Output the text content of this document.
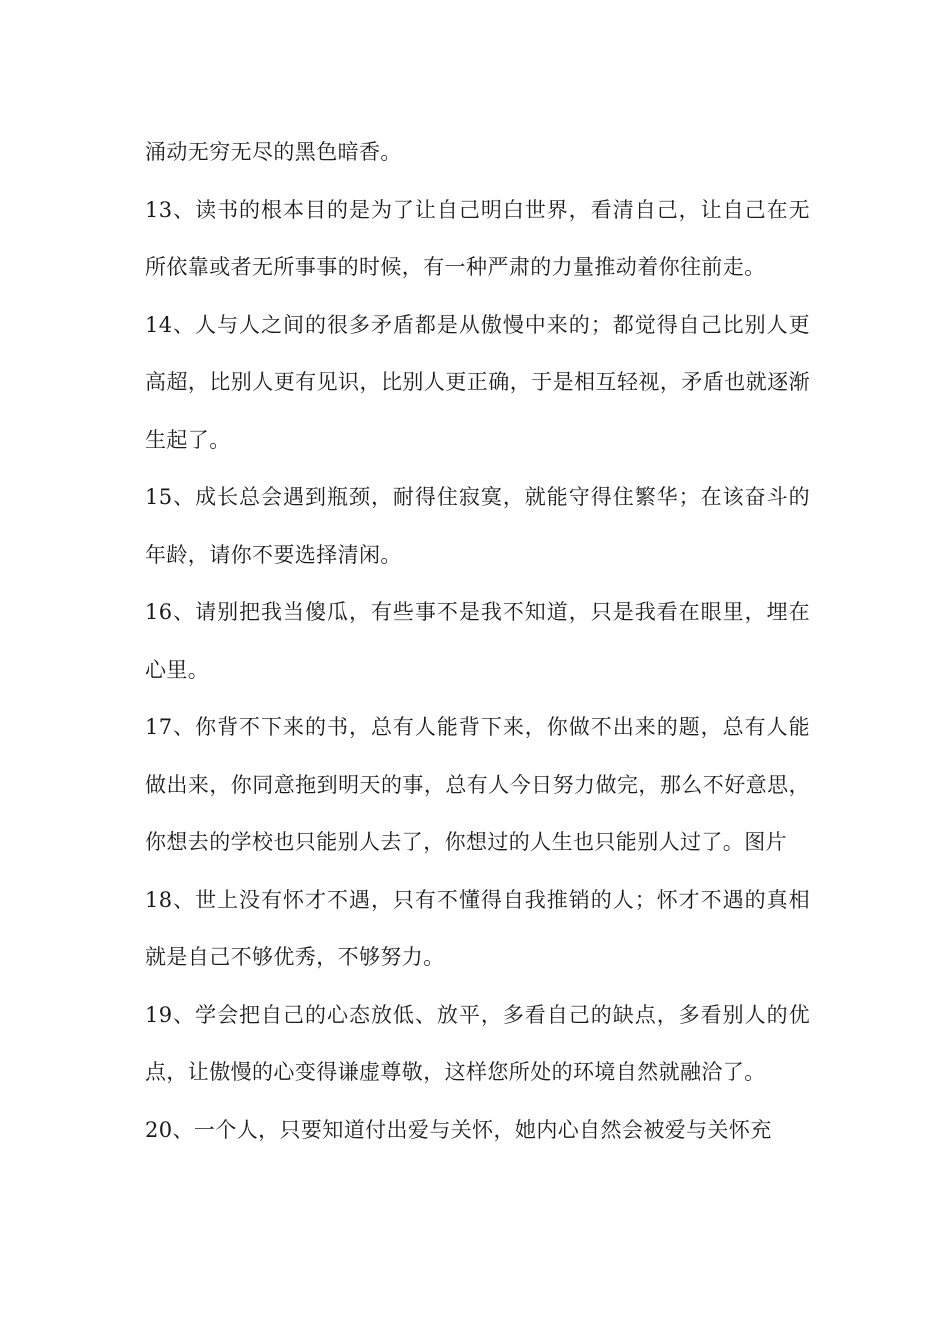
涌动无穷无尽的黑色暗香。

13、读书的根本目的是为了让自己明白世界，看清自己，让自己在无所依靠或者无所事事的时候，有一种严肃的力量推动着你往前走。

14、人与人之间的很多矛盾都是从傲慢中来的；都觉得自己比别人更高超，比别人更有见识，比别人更正确，于是相互轻视，矛盾也就逐渐生起了。

15、成长总会遇到瓶颈，耐得住寂寞，就能守得住繁华；在该奋斗的年龄，请你不要选择清闲。

16、请别把我当傻瓜，有些事不是我不知道，只是我看在眼里，埋在心里。

17、你背不下来的书，总有人能背下来，你做不出来的题，总有人能做出来，你同意拖到明天的事，总有人今日努力做完，那么不好意思，你想去的学校也只能别人去了，你想过的人生也只能别人过了。图片

18、世上没有怀才不遇，只有不懂得自我推销的人；怀才不遇的真相就是自己不够优秀，不够努力。

19、学会把自己的心态放低、放平，多看自己的缺点，多看别人的优点，让傲慢的心变得谦虚尊敬，这样您所处的环境自然就融洽了。

20、一个人，只要知道付出爱与关怀，她内心自然会被爱与关怀充
